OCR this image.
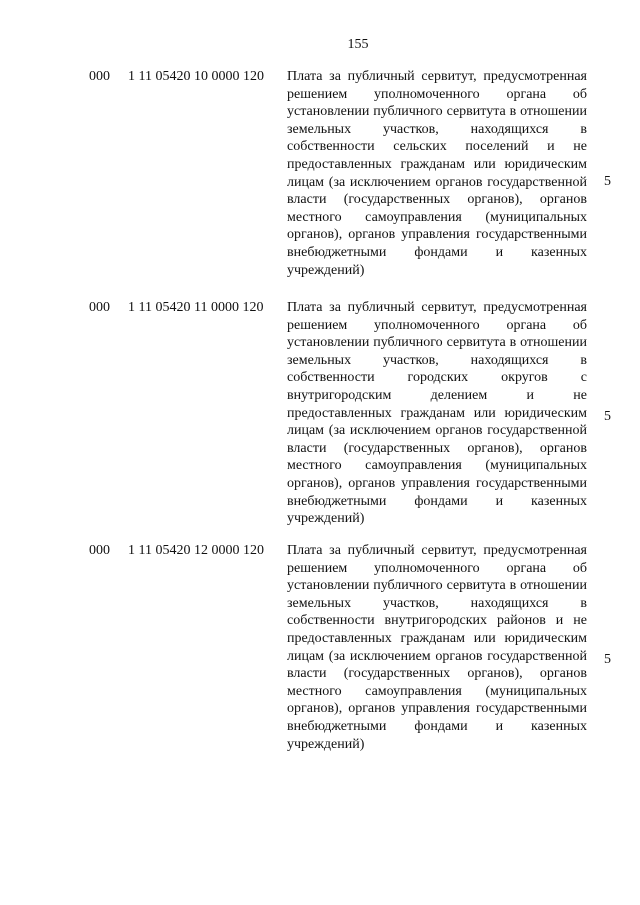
155
000 1 11 05420 10 0000 120 Плата за публичный сервитут, предусмотренная решением уполномоченного органа об установлении публичного сервитута в отношении земельных участков, находящихся в собственности сельских поселений и не предоставленных гражданам или юридическим лицам (за исключением органов государственной власти (государственных органов), органов местного самоуправления (муниципальных органов), органов управления государственными внебюджетными фондами и казенных учреждений)

5
000 1 11 05420 11 0000 120 Плата за публичный сервитут, предусмотренная решением уполномоченного органа об установлении публичного сервитута в отношении земельных участков, находящихся в собственности городских округов с внутригородским делением и не предоставленных гражданам или юридическим лицам (за исключением органов государственной власти (государственных органов), органов местного самоуправления (муниципальных органов), органов управления государственными внебюджетными фондами и казенных учреждений)

5
000 1 11 05420 12 0000 120 Плата за публичный сервитут, предусмотренная решением уполномоченного органа об установлении публичного сервитута в отношении земельных участков, находящихся в собственности внутригородских районов и не предоставленных гражданам или юридическим лицам (за исключением органов государственной власти (государственных органов), органов местного самоуправления (муниципальных органов), органов управления государственными внебюджетными фондами и казенных учреждений)

5
